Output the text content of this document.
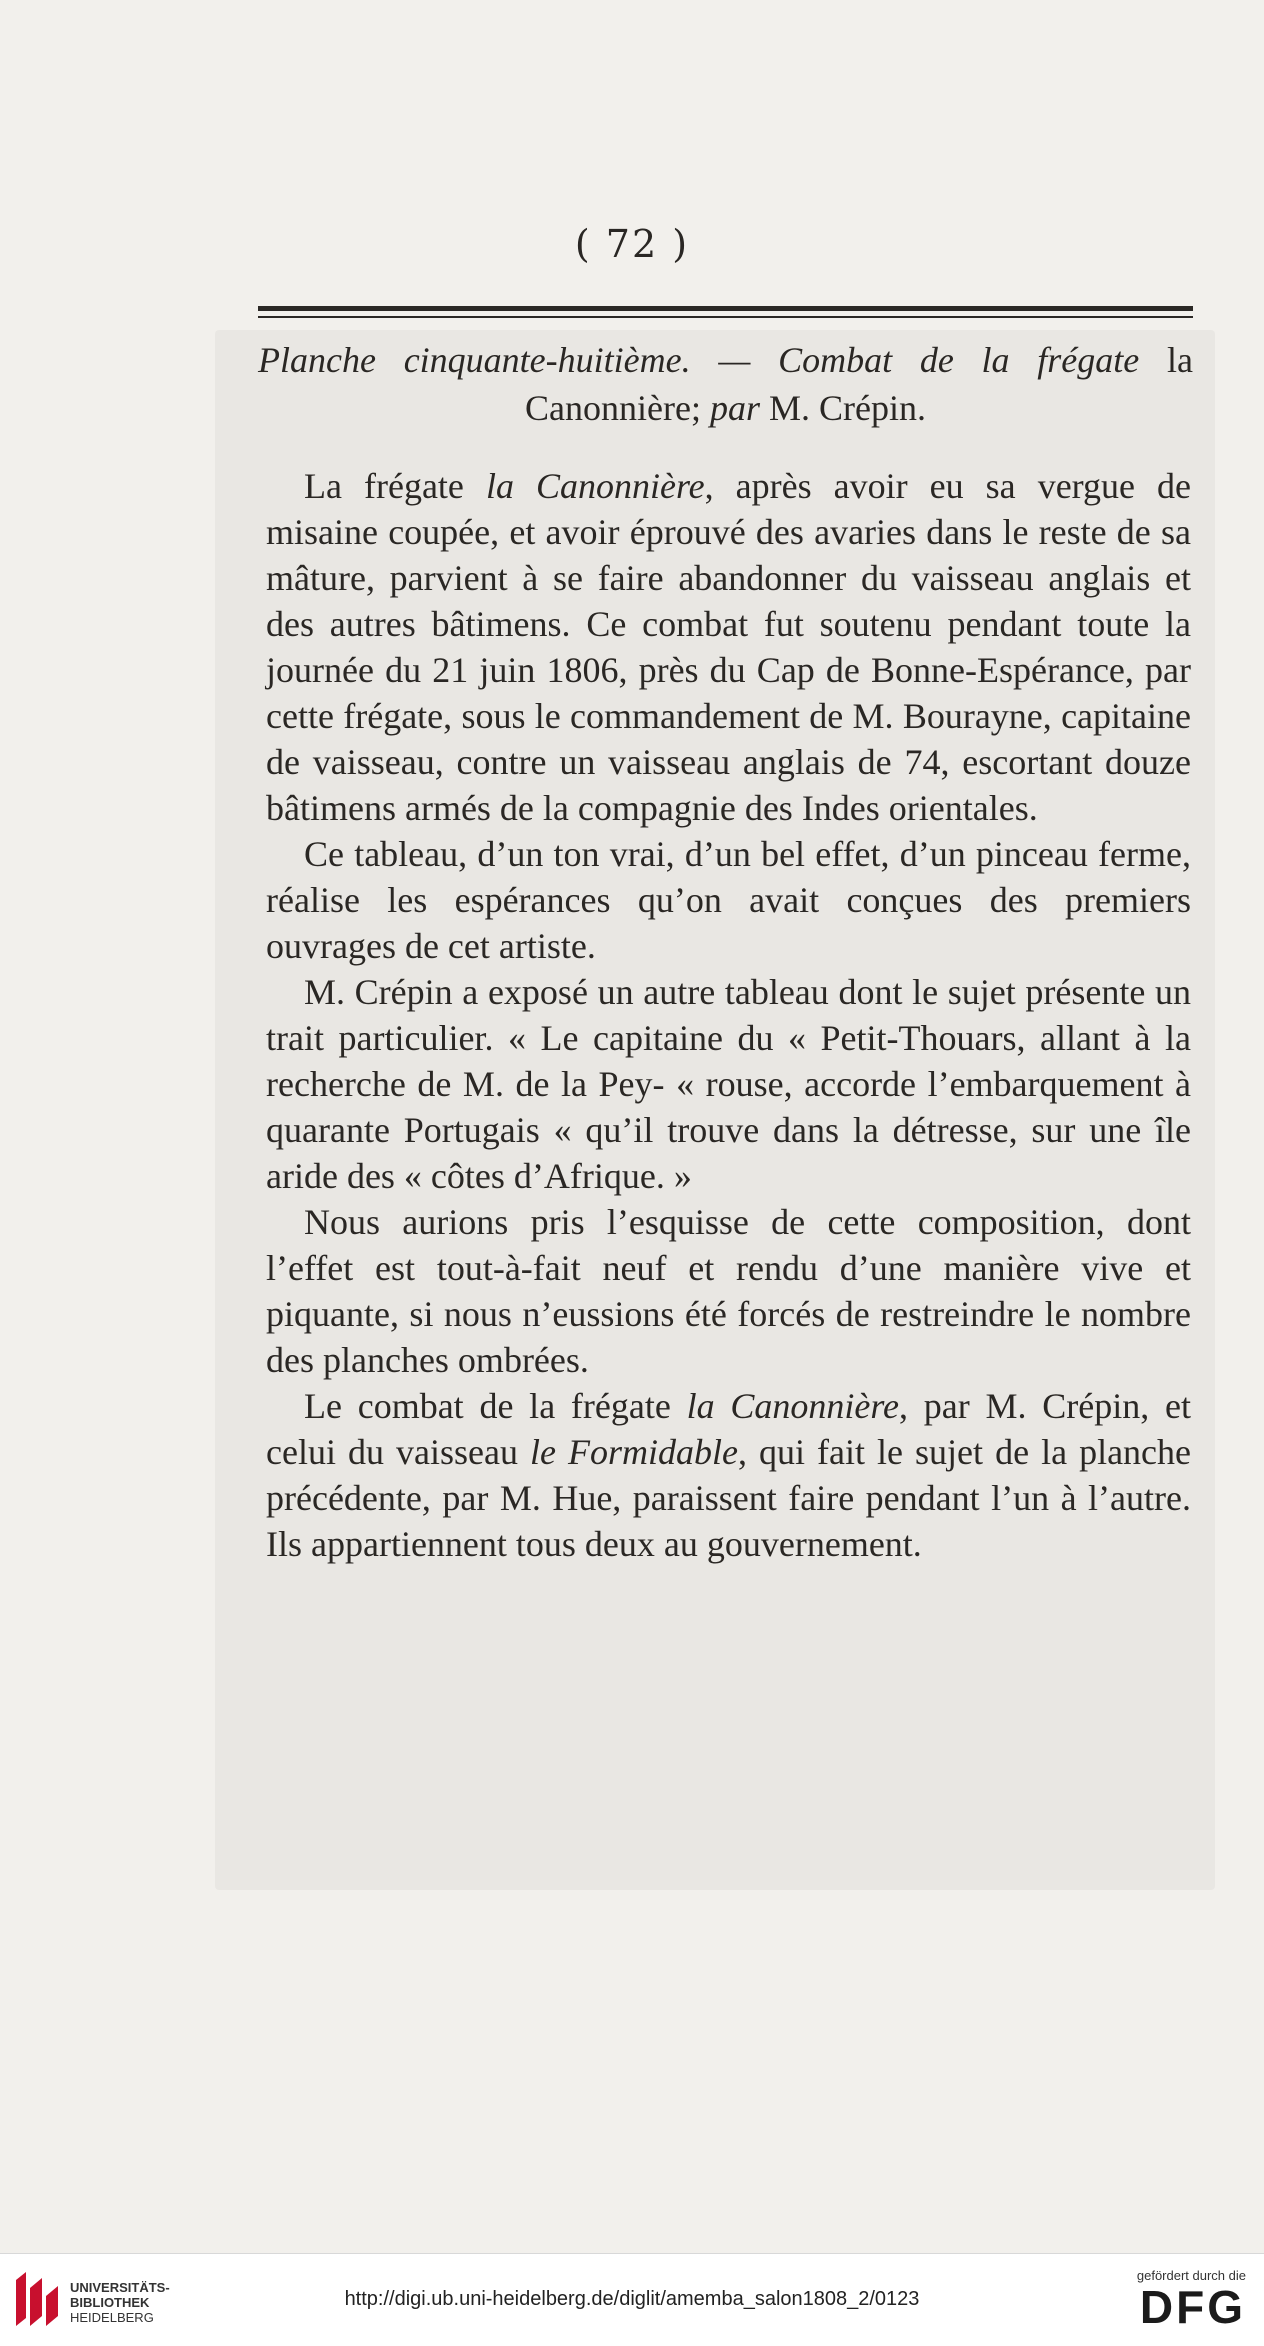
( 72 )
Planche cinquante-huitième. — Combat de la frégate la Canonnière; par M. Crépin.

La frégate la Canonnière, après avoir eu sa vergue de misaine coupée, et avoir éprouvé des avaries dans le reste de sa mâture, parvient à se faire abandonner du vaisseau anglais et des autres bâtimens. Ce combat fut soutenu pendant toute la journée du 21 juin 1806, près du Cap de Bonne-Espérance, par cette frégate, sous le commandement de M. Bourayne, capitaine de vaisseau, contre un vaisseau anglais de 74, escortant douze bâtimens armés de la compagnie des Indes orientales.

Ce tableau, d’un ton vrai, d’un bel effet, d’un pinceau ferme, réalise les espérances qu’on avait conçues des premiers ouvrages de cet artiste.

M. Crépin a exposé un autre tableau dont le sujet présente un trait particulier. « Le capitaine du « Petit-Thouars, allant à la recherche de M. de la Pey- « rouse, accorde l’embarquement à quarante Portugais « qu’il trouve dans la détresse, sur une île aride des « côtes d’Afrique. »

Nous aurions pris l’esquisse de cette composition, dont l’effet est tout-à-fait neuf et rendu d’une manière vive et piquante, si nous n’eussions été forcés de restreindre le nombre des planches ombrées.

Le combat de la frégate la Canonnière, par M. Crépin, et celui du vaisseau le Formidable, qui fait le sujet de la planche précédente, par M. Hue, paraissent faire pendant l’un à l’autre. Ils appartiennent tous deux au gouvernement.

UNIVERSITÄTS-
BIBLIOTHEK
HEIDELBERG
http://digi.ub.uni-heidelberg.de/diglit/amemba_salon1808_2/0123
gefördert durch die
DFG
